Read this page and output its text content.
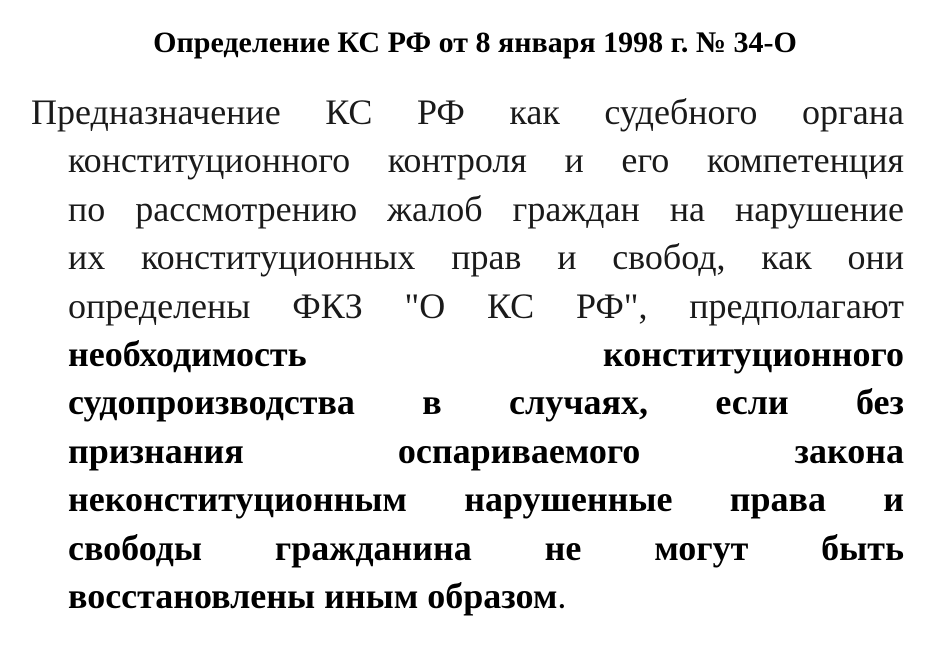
Определение КС РФ от 8 января 1998 г. № 34-О
Предназначение КС РФ как судебного органа
конституционного контроля и его компетенция
по рассмотрению жалоб граждан на нарушение
их конституционных прав и свобод, как они
определены ФКЗ "О КС РФ", предполагают
необходимость	конституционного
судопроизводства в случаях, если без
признания	оспариваемого	закона
неконституционным нарушенные права и
свободы гражданина не могут быть
восстановлены иным образом .
